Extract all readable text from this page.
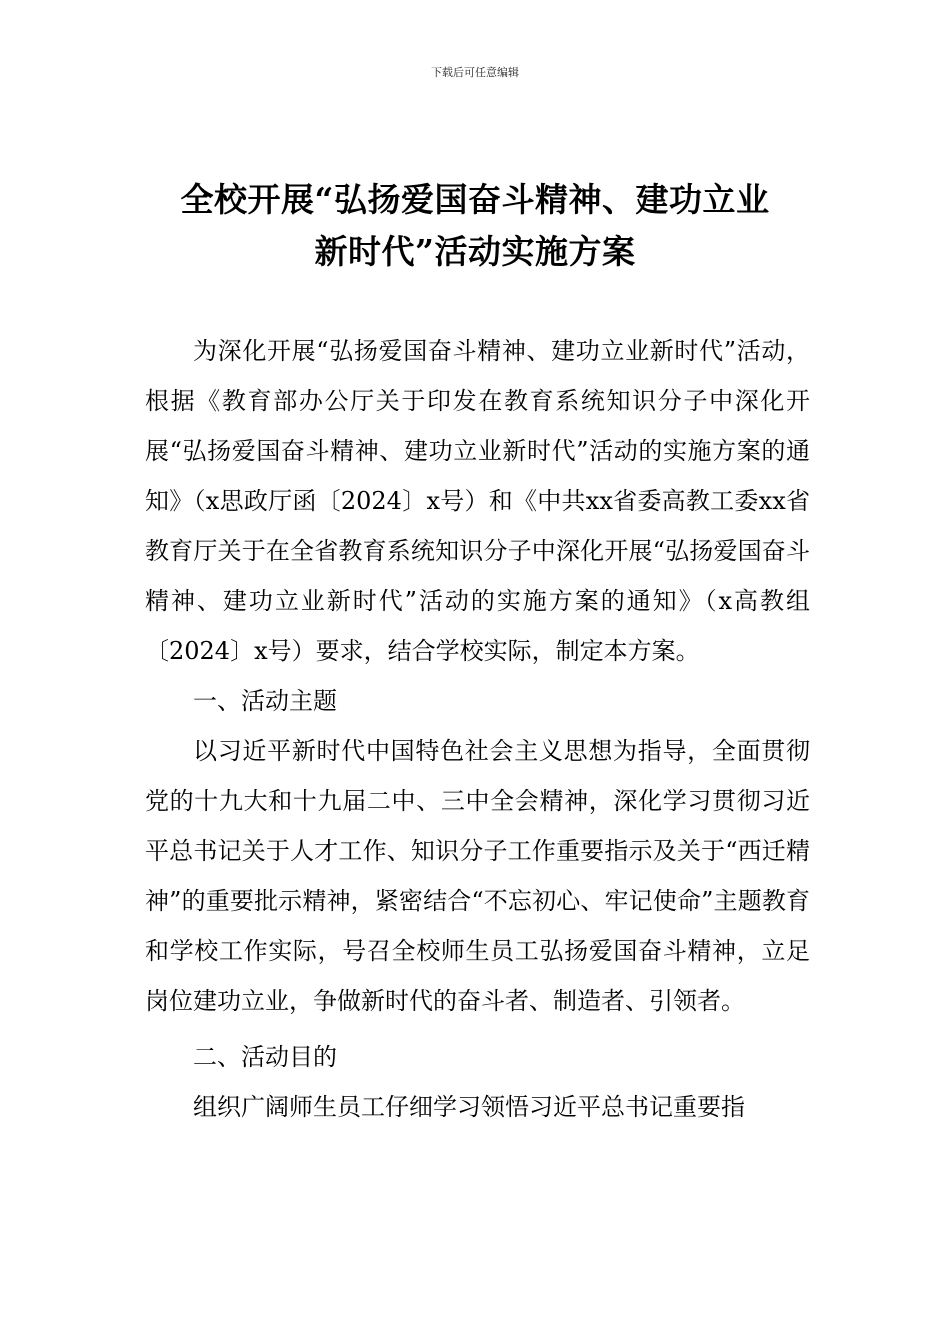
下载后可任意编辑
全校开展“弘扬爱国奋斗精神、建功立业
新时代”活动实施方案

为深化开展“弘扬爱国奋斗精神、建功立业新时代”活动，根据《教育部办公厅关于印发在教育系统知识分子中深化开展“弘扬爱国奋斗精神、建功立业新时代”活动的实施方案的通知》（x思政厅函〔2024〕x号）和《中共xx省委高教工委xx省教育厅关于在全省教育系统知识分子中深化开展“弘扬爱国奋斗精神、建功立业新时代”活动的实施方案的通知》（x高教组〔2024〕x号）要求，结合学校实际，制定本方案。

一、活动主题

以习近平新时代中国特色社会主义思想为指导，全面贯彻党的十九大和十九届二中、三中全会精神，深化学习贯彻习近平总书记关于人才工作、知识分子工作重要指示及关于“西迁精神”的重要批示精神，紧密结合“不忘初心、牢记使命”主题教育和学校工作实际，号召全校师生员工弘扬爱国奋斗精神，立足岗位建功立业，争做新时代的奋斗者、制造者、引领者。

二、活动目的

组织广阔师生员工仔细学习领悟习近平总书记重要指
